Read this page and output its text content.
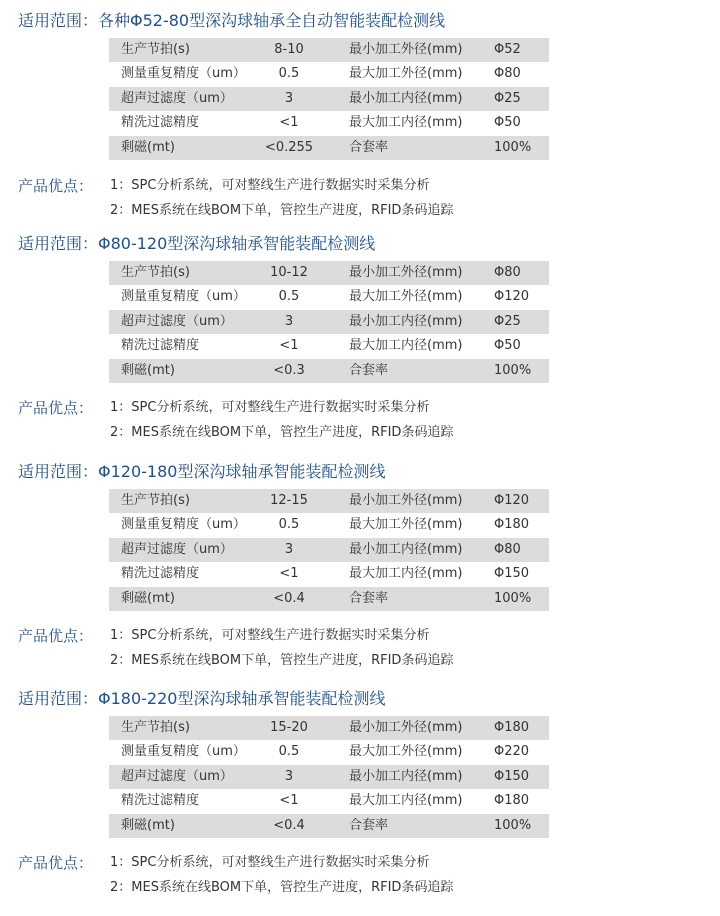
适用范围：各种Φ52-80型深沟球轴承全自动智能装配检测线
生产节拍(s)	8-10	最小加工外径(mm) Φ52
测量重复精度（um）	0.5	最大加工外径(mm) Φ80
超声过滤度（um）	3	最小加工内径(mm) Φ25
精洗过滤精度	<1	最大加工内径(mm) Φ50
剩磁(mt)	<0.255	合套率	100%
产品优点： 1：SPC分析系统，可对整线生产进行数据实时采集分析
2：MES系统在线BOM下单，管控生产进度，RFID条码追踪
适用范围：Φ80-120型深沟球轴承智能装配检测线
生产节拍(s)	10-12	最小加工外径(mm) Φ80
测量重复精度（um）	0.5	最大加工外径(mm) Φ120
超声过滤度（um）	3	最小加工内径(mm) Φ25
精洗过滤精度	<1	最大加工内径(mm) Φ50
剩磁(mt)	<0.3	合套率	100%
产品优点： 1：SPC分析系统，可对整线生产进行数据实时采集分析
2：MES系统在线BOM下单，管控生产进度，RFID条码追踪
适用范围：Φ120-180型深沟球轴承智能装配检测线
生产节拍(s)	12-15	最小加工外径(mm) Φ120
测量重复精度（um）	0.5	最大加工外径(mm) Φ180
超声过滤度（um）	3	最小加工内径(mm) Φ80
精洗过滤精度	<1	最大加工内径(mm) Φ150
剩磁(mt)	<0.4	合套率	100%
产品优点： 1：SPC分析系统，可对整线生产进行数据实时采集分析
2：MES系统在线BOM下单，管控生产进度，RFID条码追踪
适用范围：Φ180-220型深沟球轴承智能装配检测线
生产节拍(s)	15-20	最小加工外径(mm) Φ180
测量重复精度（um）	0.5	最大加工外径(mm) Φ220
超声过滤度（um）	3	最小加工内径(mm) Φ150
精洗过滤精度	<1	最大加工内径(mm) Φ180
剩磁(mt)	<0.4	合套率	100%
产品优点： 1：SPC分析系统，可对整线生产进行数据实时采集分析
2：MES系统在线BOM下单，管控生产进度，RFID条码追踪
